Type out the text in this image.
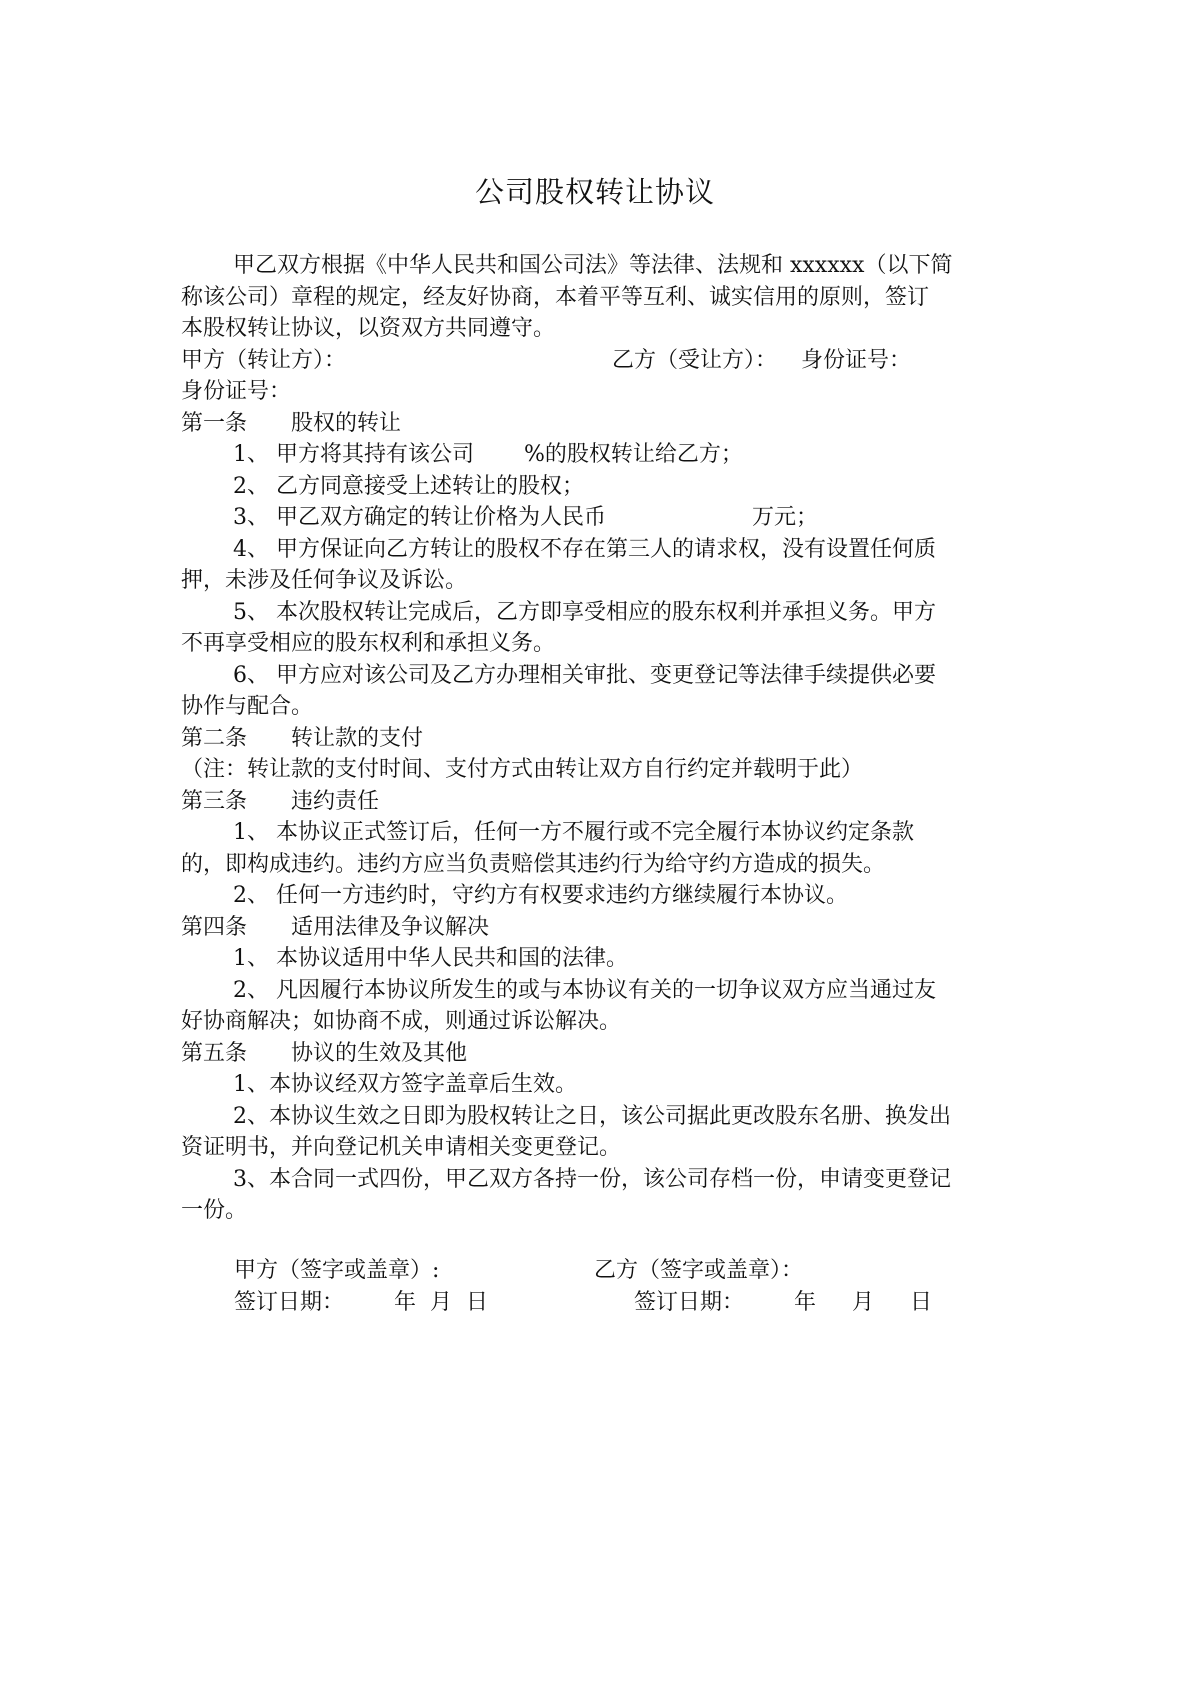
公司股权转让协议

甲乙双方根据《中华人民共和国公司法》等法律、法规和 xxxxxx（以下简

称该公司）章程的规定，经友好协商，本着平等互利、诚实信用的原则，签订

本股权转让协议，以资双方共同遵守。

甲方（转让方）：	乙方（受让方）： 身份证号：
身份证号：
第一条 股权的转让
1、 甲方将其持有该公司 %的股权转让给乙方；
2、 乙方同意接受上述转让的股权；
3、 甲乙双方确定的转让价格为人民币	万元；
4、 甲方保证向乙方转让的股权不存在第三人的请求权，没有设置任何质
押，未涉及任何争议及诉讼。
5、 本次股权转让完成后，乙方即享受相应的股东权利并承担义务。甲方
不再享受相应的股东权利和承担义务。
6、 甲方应对该公司及乙方办理相关审批、变更登记等法律手续提供必要
协作与配合。
第二条 转让款的支付
（注：转让款的支付时间、支付方式由转让双方自行约定并载明于此）
第三条 违约责任
1、 本协议正式签订后，任何一方不履行或不完全履行本协议约定条款
的，即构成违约。违约方应当负责赔偿其违约行为给守约方造成的损失。
2、 任何一方违约时，守约方有权要求违约方继续履行本协议。
第四条 适用法律及争议解决
1、 本协议适用中华人民共和国的法律。
2、 凡因履行本协议所发生的或与本协议有关的一切争议双方应当通过友
好协商解决；如协商不成，则通过诉讼解决。
第五条 协议的生效及其他
1、本协议经双方签字盖章后生效。
2、本协议生效之日即为股权转让之日，该公司据此更改股东名册、换发出
资证明书，并向登记机关申请相关变更登记。
3、本合同一式四份，甲乙双方各持一份，该公司存档一份，申请变更登记
一份。
甲方（签字或盖章）:	乙方（签字或盖章）：
签订日期： 年 月 日	签订日期： 年 月 日
